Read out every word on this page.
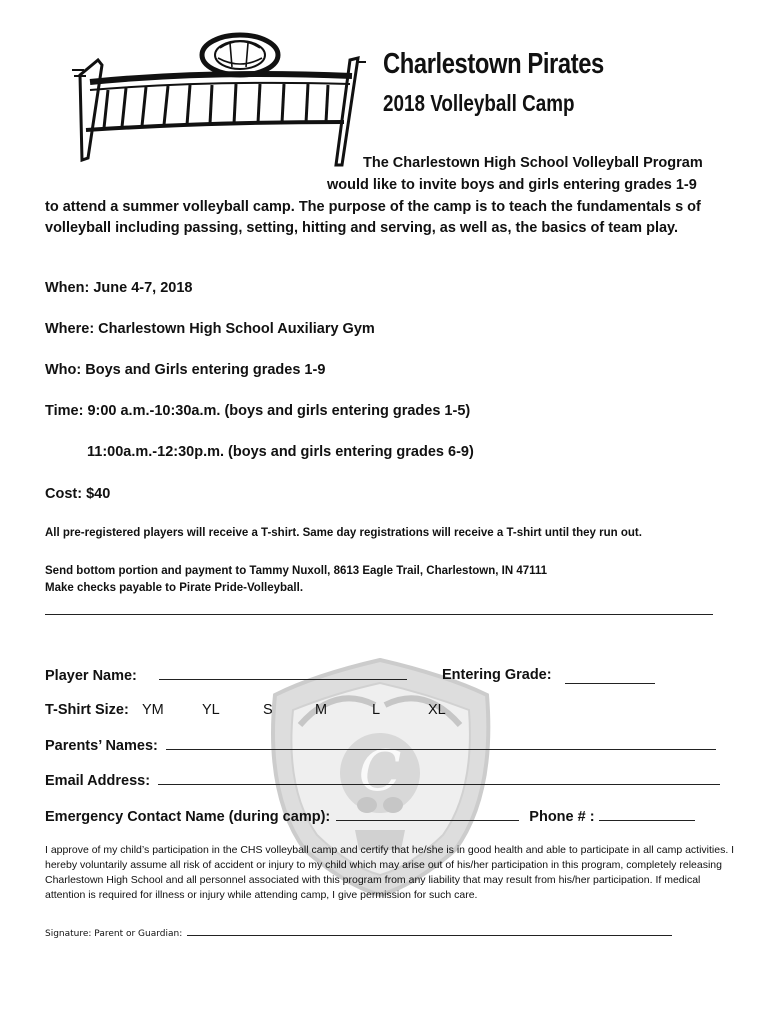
Charlestown Pirates
2018 Volleyball Camp
The Charlestown High School Volleyball Program
would like to invite boys and girls entering grades 1-9
to attend a summer volleyball camp. The purpose of the camp is to teach the fundamentals s of volleyball including passing, setting, hitting and serving, as well as, the basics of team play.
When: June 4-7, 2018
Where: Charlestown High School Auxiliary Gym
Who: Boys and Girls entering grades 1-9
Time: 9:00 a.m.-10:30a.m. (boys and girls entering grades 1-5)
11:00a.m.-12:30p.m. (boys and girls entering grades 6-9)
Cost: $40
All pre-registered players will receive a T-shirt. Same day registrations will receive a T-shirt until they run out.
Send bottom portion and payment to Tammy Nuxoll, 8613 Eagle Trail, Charlestown, IN 47111
Make checks payable to Pirate Pride-Volleyball.
C
Player Name:	Entering Grade:
T-Shirt Size: YM	YL	S	M	L	XL
Parents’ Names:
Email Address:
Emergency Contact Name (during camp):	Phone # :
I approve of my child’s participation in the CHS volleyball camp and certify that he/she is in good health and able to participate in all camp activities. I hereby voluntarily assume all risk of accident or injury to my child which may arise out of his/her participation in this program, completely releasing Charlestown High School and all personnel associated with this program from any liability that may result from his/her participation. If medical attention is required for illness or injury while attending camp, I give permission for such care.
Signature: Parent or Guardian:
